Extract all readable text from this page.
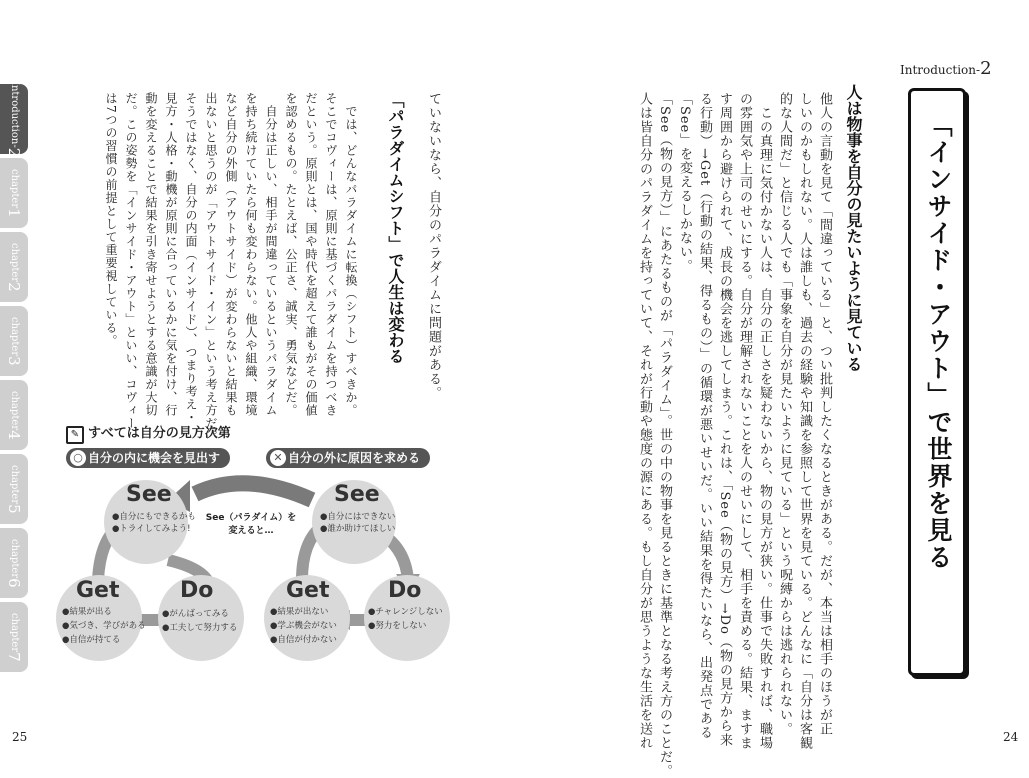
Introduction-2
chapter1
chapter2
chapter3
chapter4
chapter5
chapter6
chapter7
Introduction-2
「インサイド・アウト」で世界を見る
人は物事を自分の見たいように見ている
他人の言動を見て「間違っている」と、つい批判したくなるときがある。だが、本当は相手のほうが正
しいのかもしれない。人は誰しも、過去の経験や知識を参照して世界を見ている。どんなに「自分は客観
的な人間だ」と信じる人でも「事象を自分が見たいように見ている」という呪縛からは逃れられない。
　この真理に気付かない人は、自分の正しさを疑わないから、物の見方が狭い。仕事で失敗すれば、職場
の雰囲気や上司のせいにする。自分が理解されないことを人のせいにして、相手を責める。結果、ますま
す周囲から避けられて、成長の機会を逃してしまう。これは、「See（物の見方）→Do（物の見方から来
る行動）→Get（行動の結果、得るもの）」の循環が悪いせいだ。いい結果を得たいなら、出発点である
「See」を変えるしかない。
「See（物の見方）」にあたるものが「パラダイム」。世の中の物事を見るときに基準となる考え方のことだ。
人は皆自分のパラダイムを持っていて、それが行動や態度の源にある。もし自分が思うような生活を送れ
ていないなら、自分のパラダイムに問題がある。
「パラダイムシフト」で人生は変わる
　では、どんなパラダイムに転換（シフト）すべきか。
そこでコヴィーは、原則に基づくパラダイムを持つべき
だという。原則とは、国や時代を超えて誰もがその価値
を認めるもの。たとえば、公正さ、誠実、勇気などだ。
　自分は正しい、相手が間違っているというパラダイム
を持ち続けていたら何も変わらない。他人や組織、環境
など自分の外側（アウトサイド）が変わらないと結果も
出ないと思うのが「アウトサイド・イン」という考え方だ。
そうではなく、自分の内面（インサイド）、つまり考え・
見方・人格・動機が原則に合っているかに気を付け、行
動を変えることで結果を引き寄せようとする意識が大切
だ。この姿勢を「インサイド・アウト」といい、コヴィー
は7つの習慣の前提として重要視している。
✎ すべては自分の見方次第
○ 自分の内に機会を見出す	✕ 自分の外に原因を求める
See（パラダイム）を
変えると…
See
●自分にもできるかも
●トライしてみよう!
Do
●がんばってみる
●工夫して努力する
Get
●結果が出る
●気づき、学びがある
●自信が持てる
See
●自分にはできない
●誰か助けてほしい
Do
●チャレンジしない
●努力をしない
Get
●結果が出ない
●学ぶ機会がない
●自信が付かない
25	24
